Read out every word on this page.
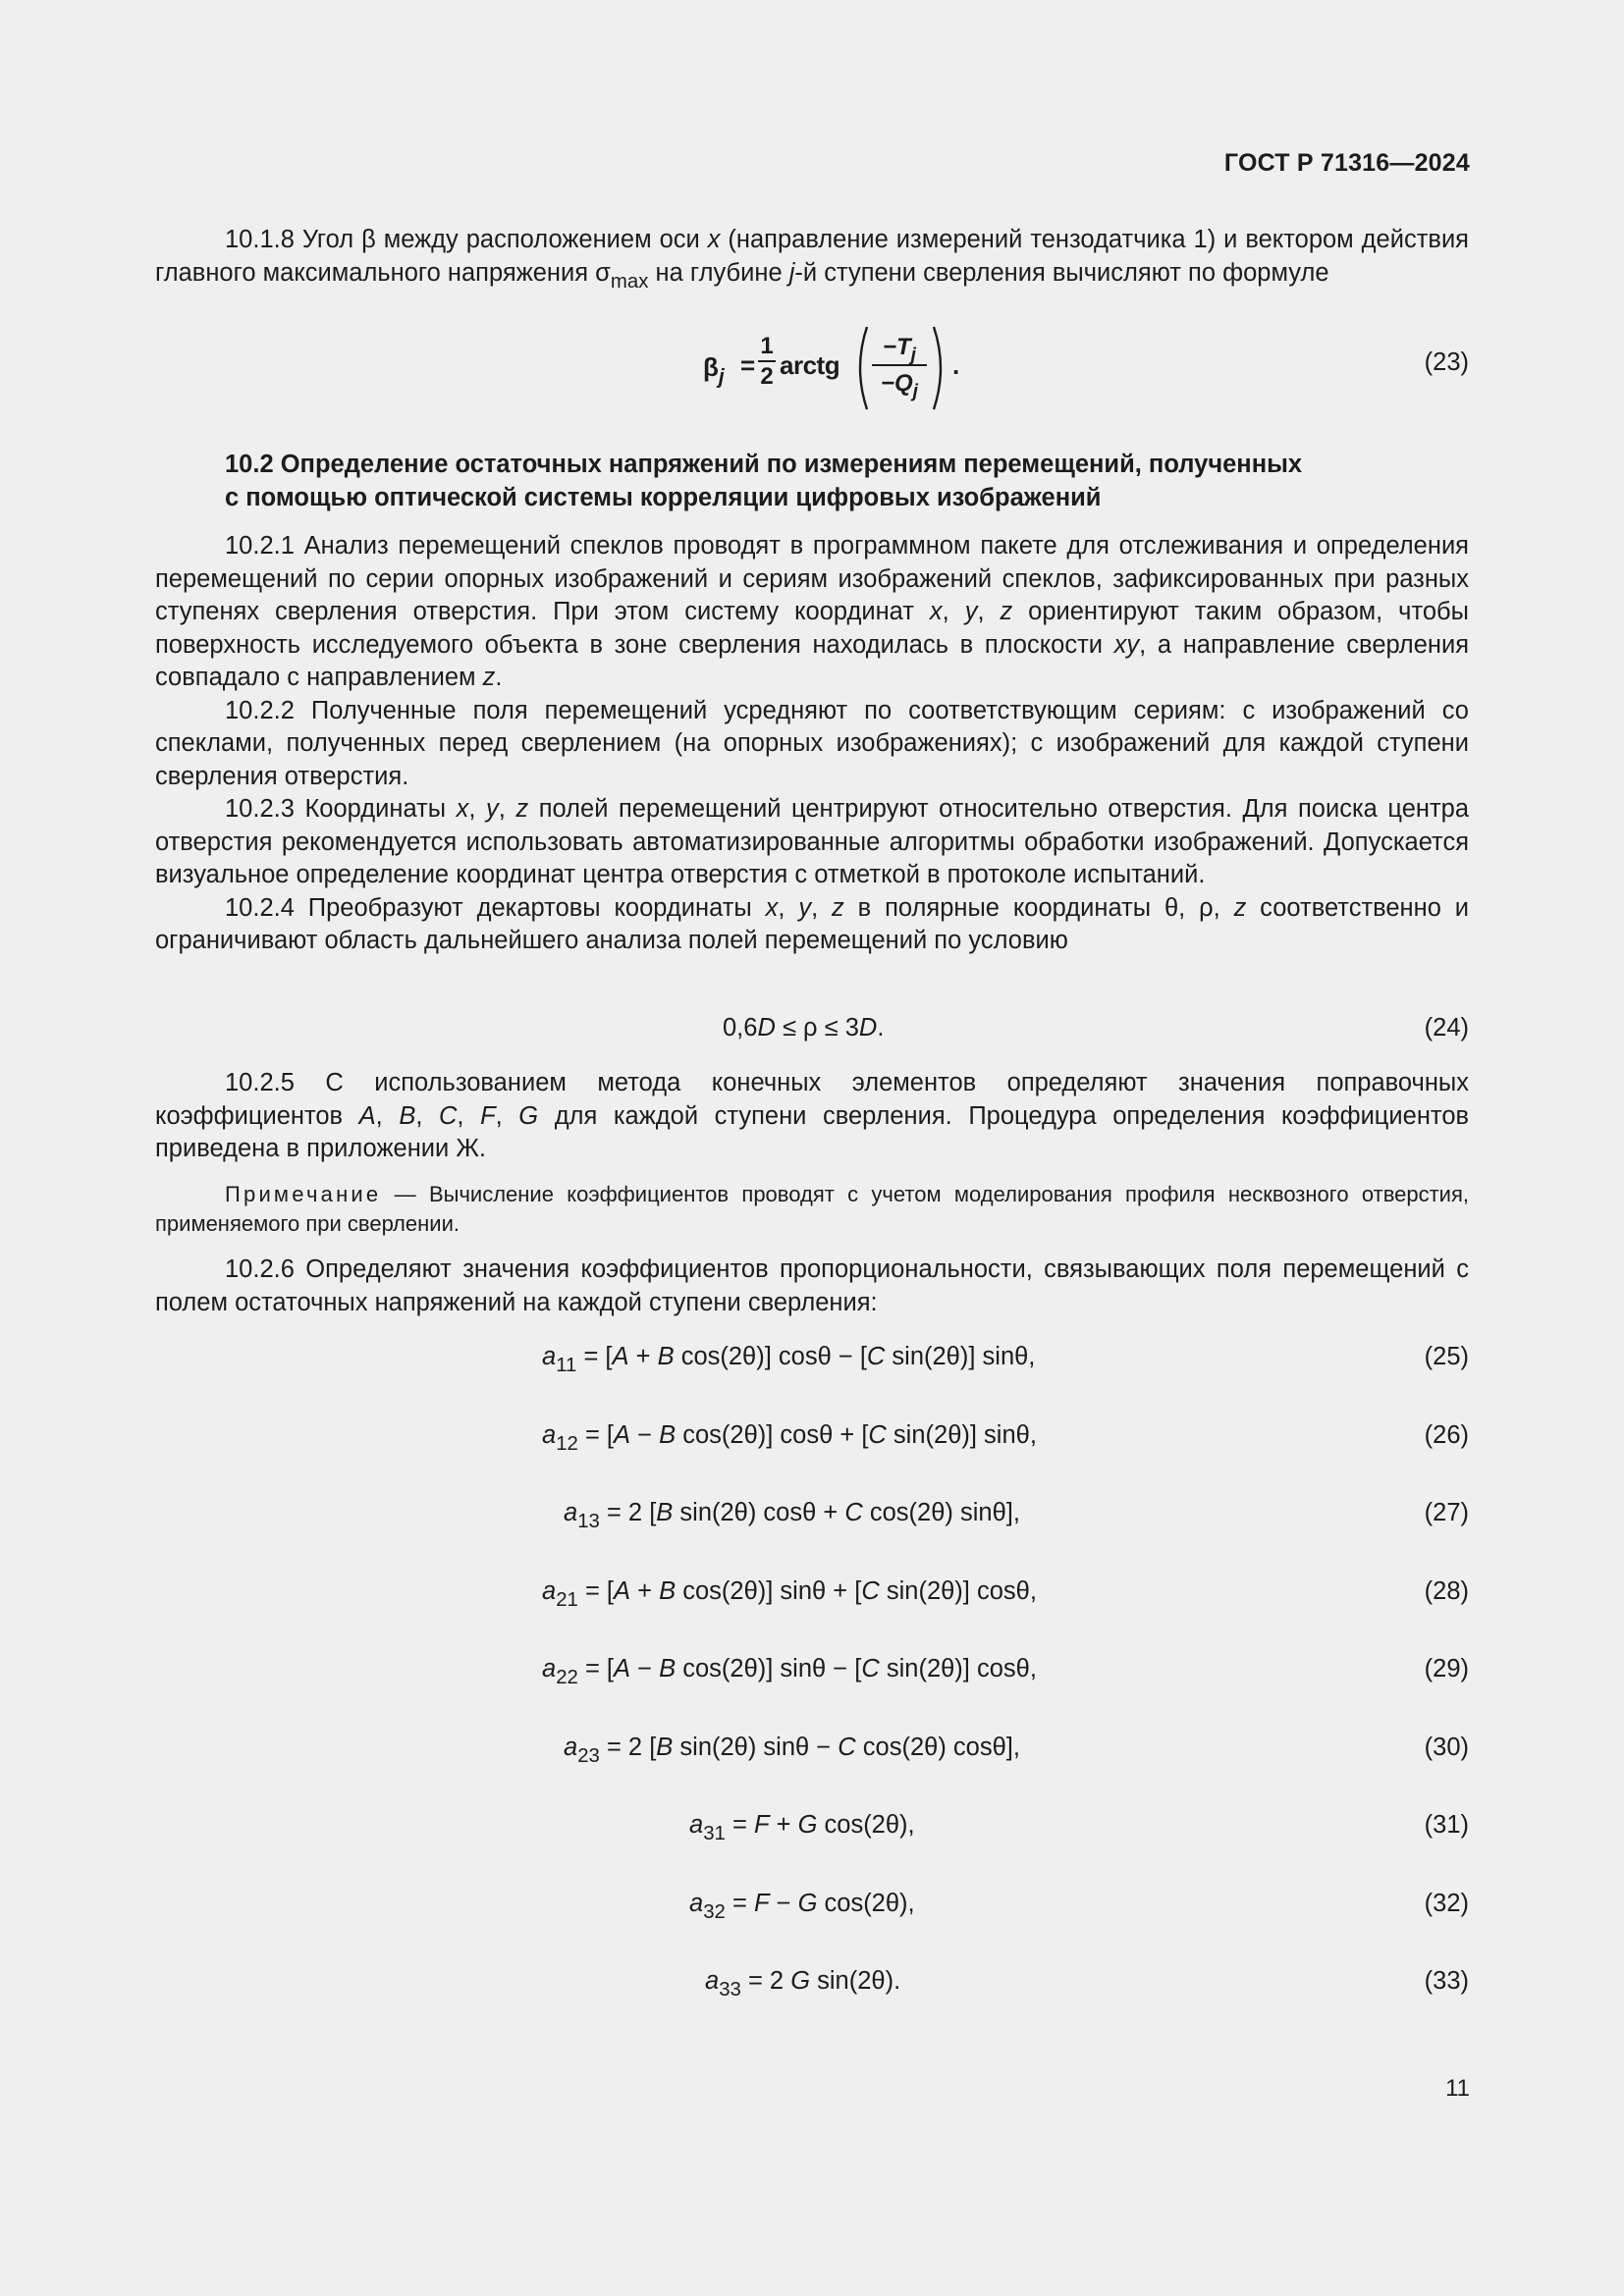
ГОСТ Р 71316—2024

10.1.8 Угол β между расположением оси x (направление измерений тензодатчика 1) и вектором действия главного максимального напряжения $\sigma_{max}$ на глубине j-й ступени сверления вычисляют по формуле

$\beta_j$ =
1
2 arctg $\frac{-T_j}{-Q_j}$ .	(23)
10.2 Определение остаточных напряжений по измерениям перемещений, полученных
с помощью оптической системы корреляции цифровых изображений

10.2.1 Анализ перемещений спеклов проводят в программном пакете для отслеживания и определения перемещений по серии опорных изображений и сериям изображений спеклов, зафиксированных при разных ступенях сверления отверстия. При этом систему координат x, y, z ориентируют таким образом, чтобы поверхность исследуемого объекта в зоне сверления находилась в плоскости xy, а направление сверления совпадало с направлением z.

10.2.2 Полученные поля перемещений усредняют по соответствующим сериям: с изображений со спеклами, полученных перед сверлением (на опорных изображениях); с изображений для каждой ступени сверления отверстия.

10.2.3 Координаты x, y, z полей перемещений центрируют относительно отверстия. Для поиска центра отверстия рекомендуется использовать автоматизированные алгоритмы обработки изображений. Допускается визуальное определение координат центра отверстия с отметкой в протоколе испытаний.

10.2.4 Преобразуют декартовы координаты x, y, z в полярные координаты θ, ρ, z соответственно и ограничивают область дальнейшего анализа полей перемещений по условию

0,6D ≤ ρ ≤ 3D.	(24)

10.2.5 С использованием метода конечных элементов определяют значения поправочных коэффициентов A, B, C, F, G для каждой ступени сверления. Процедура определения коэффициентов приведена в приложении Ж.

Примечание — Вычисление коэффициентов проводят с учетом моделирования профиля несквозного отверстия, применяемого при сверлении.

10.2.6 Определяют значения коэффициентов пропорциональности, связывающих поля перемещений с полем остаточных напряжений на каждой ступени сверления:

$a_{11} = [A + B$ cos(2θ)] cosθ − [C sin(2θ)] sinθ,	(25)
$a_{12} = [A - B$ cos(2θ)] cosθ + [C sin(2θ)] sinθ,	(26)
$a_{13} = 2$ [B sin(2θ) cosθ + C cos(2θ) sinθ],	(27)
$a_{21} = [A + B$ cos(2θ)] sinθ + [C sin(2θ)] cosθ,	(28)
$a_{22} = [A - B$ cos(2θ)] sinθ − [C sin(2θ)] cosθ,	(29)
$a_{23} = 2$ [B sin(2θ) sinθ − C cos(2θ) cosθ],	(30)
$a_{31} = F + G$ cos(2θ),	(31)
$a_{32} = F - G$ cos(2θ),	(32)
$a_{33} = 2$ G sin(2θ).	(33)
11
